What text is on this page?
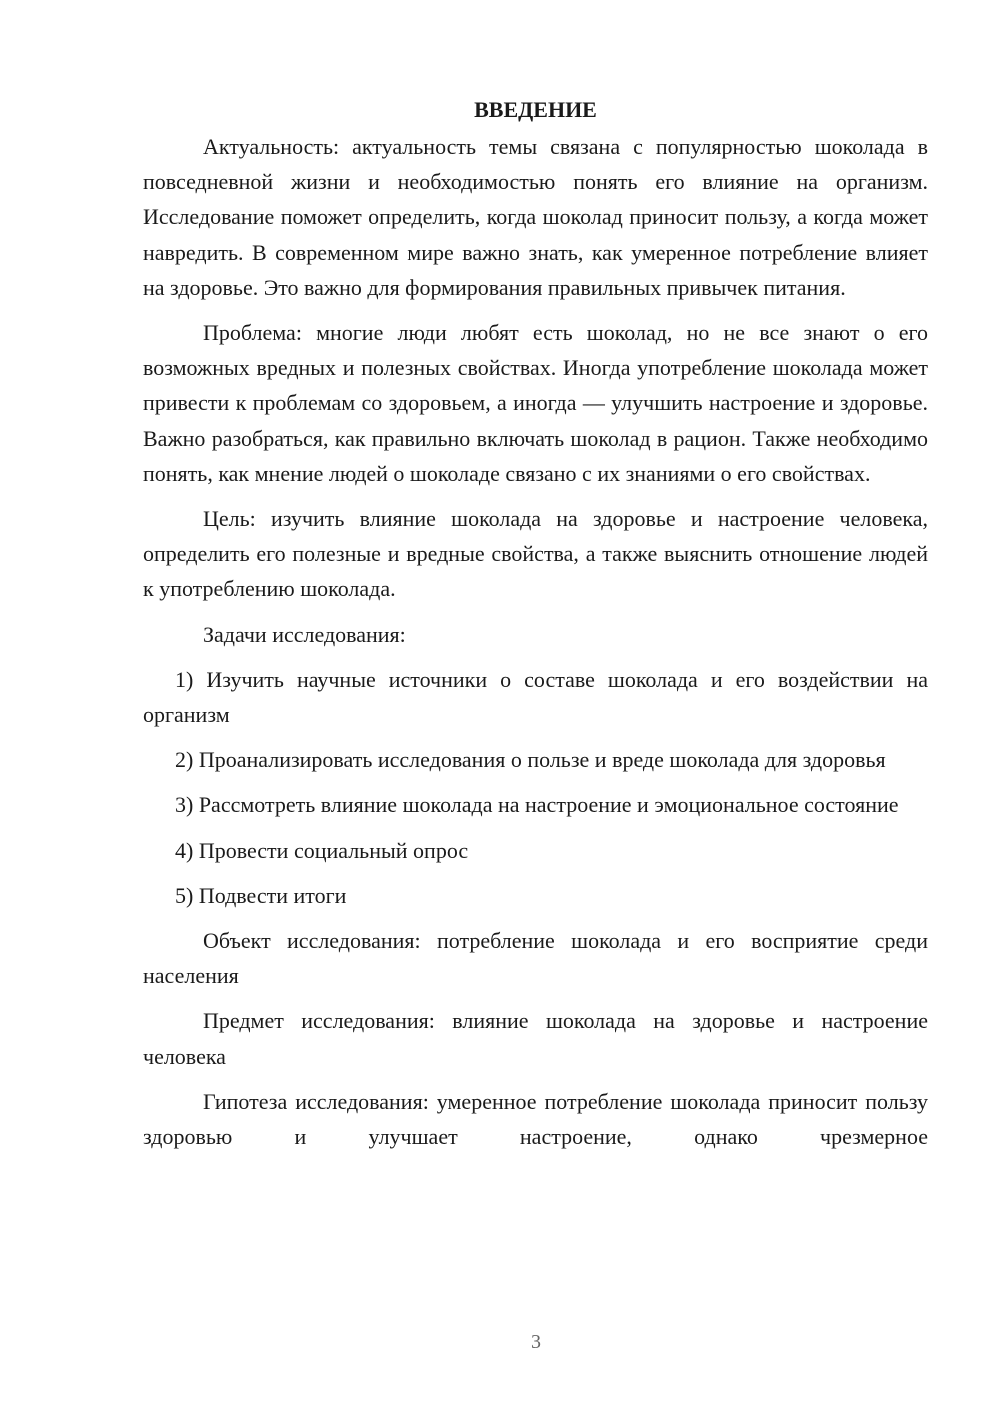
ВВЕДЕНИЕ

Актуальность: актуальность темы связана с популярностью шоколада в повседневной жизни и необходимостью понять его влияние на организм. Исследование поможет определить, когда шоколад приносит пользу, а когда может навредить. В современном мире важно знать, как умеренное потребление влияет на здоровье. Это важно для формирования правильных привычек питания.

Проблема: многие люди любят есть шоколад, но не все знают о его возможных вредных и полезных свойствах. Иногда употребление шоколада может привести к проблемам со здоровьем, а иногда — улучшить настроение и здоровье. Важно разобраться, как правильно включать шоколад в рацион. Также необходимо понять, как мнение людей о шоколаде связано с их знаниями о его свойствах.

Цель: изучить влияние шоколада на здоровье и настроение человека, определить его полезные и вредные свойства, а также выяснить отношение людей к употреблению шоколада.

Задачи исследования:

1) Изучить научные источники о составе шоколада и его воздействии на организм

2) Проанализировать исследования о пользе и вреде шоколада для здоровья

3) Рассмотреть влияние шоколада на настроение и эмоциональное состояние

4) Провести социальный опрос

5) Подвести итоги

Объект исследования: потребление шоколада и его восприятие среди населения

Предмет исследования: влияние шоколада на здоровье и настроение человека

Гипотеза исследования: умеренное потребление шоколада приносит пользу здоровью и улучшает настроение, однако чрезмерное

3
